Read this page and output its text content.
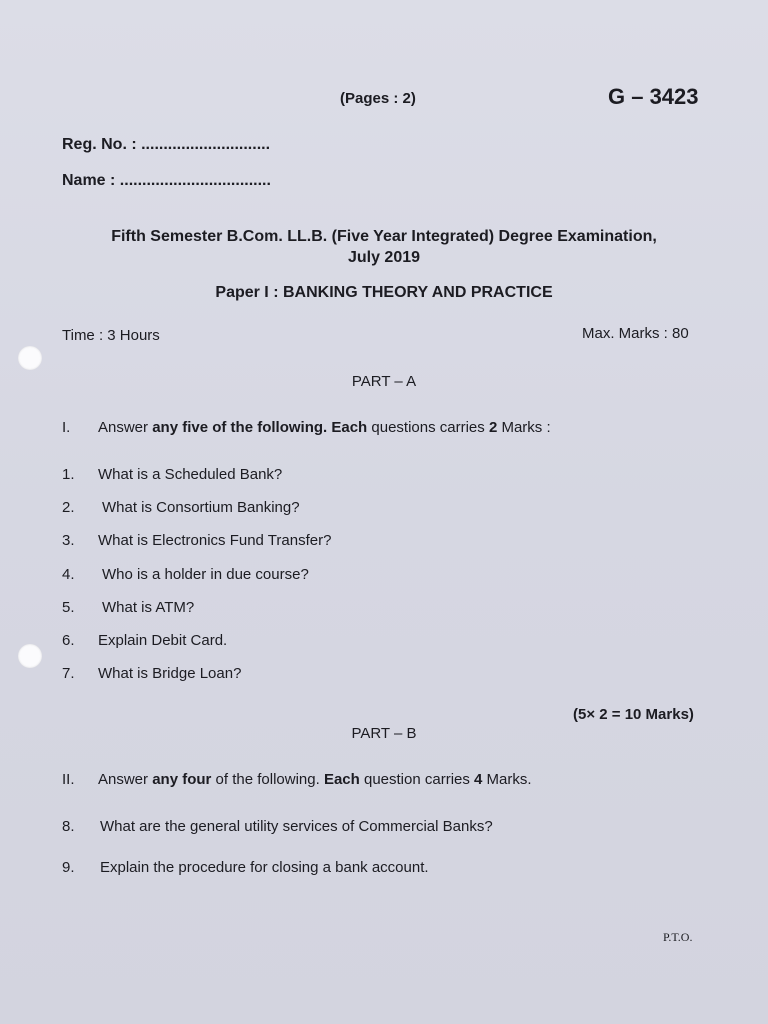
(Pages : 2)	G – 3423
Reg. No. : .............................
Name : ..................................
Fifth Semester B.Com. LL.B. (Five Year Integrated) Degree Examination,
July 2019
Paper I : BANKING THEORY AND PRACTICE
Time : 3 Hours	Max. Marks : 80
PART – A
I. Answer any five of the following. Each questions carries 2 Marks :
1. What is a Scheduled Bank?
2. What is Consortium Banking?
3. What is Electronics Fund Transfer?
4. Who is a holder in due course?
5. What is ATM?
6. Explain Debit Card.
7. What is Bridge Loan?
(5× 2 = 10 Marks)
PART – B
II. Answer any four of the following. Each question carries 4 Marks.
8. What are the general utility services of Commercial Banks?
9. Explain the procedure for closing a bank account.
P.T.O.
